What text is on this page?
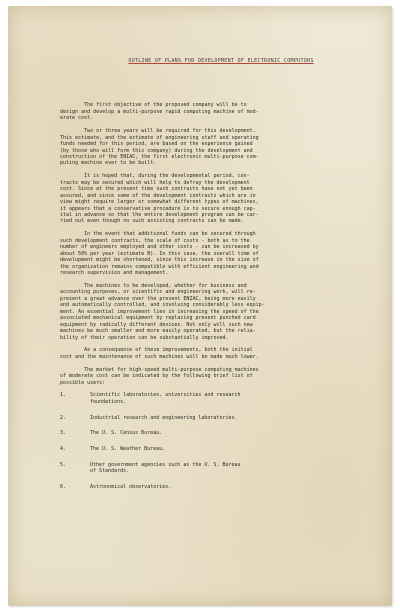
OUTLINE OF PLANS FOR DEVELOPMENT OF ELECTRONIC COMPUTORS
The first objective of the proposed company will be to
design and develop a multi-purpose rapid computing machine of mod-
erate cost.
Two or three years will be required for this development.
This estimate, and the estimate of engineering staff and operating
funds needed for this period, are based on the experience gained
(by those who will form this company) during the development and
construction of the ENIAC, the first electronic multi-purpose com-
puting machine ever to be built.
It is hoped that, during the developmental period, con-
tracts may be secured which will help to defray the development
cost. Since at the present time such contracts have not yet been
assured, and since some of the development contracts which are in
view might require larger or somewhat different types of machines,
it appears that a conservative procedure is to secure enough cap-
ital in advance so that the entire development program can be car-
ried out even though no such assisting contracts can be made.
In the event that additional funds can be secured through
such development contracts, the scale of costs - both as to the
number of engineers employed and other costs - can be increased by
about 50% per year (estimate B). In this case, the overall time of
development might be shortened, since this increase in the size of
the organization remains compatible with efficient engineering and
research supervision and management.
The machines to be developed, whether for business and
accounting purposes, or scientific and engineering work, will re-
present a great advance over the present ENIAC, being more easily
and automatically controlled, and involving considerably less equip-
ment. An essential improvement lies in increasing the speed of the
associated mechanical equipment by replacing present punched card
equipment by radically different devices. Not only will such new
machines be much smaller and more easily operated, but the relia-
bility of their operation can be substantially improved.
As a consequence of these improvements, both the initial
cost and the maintenance of such machines will be made much lower.
The market for high-speed multi-purpose computing machines
of moderate cost can be indicated by the following brief list of
possible users:
1.	Scientific laboratories, universities and research
foundations.
2.	Industrial research and engineering laboratories.
3.	The U. S. Census Bureau.
4.	The U. S. Weather Bureau.
5.	Other government agencies such as the U. S. Bureau
of Standards.
6.	Astronomical observatories.
